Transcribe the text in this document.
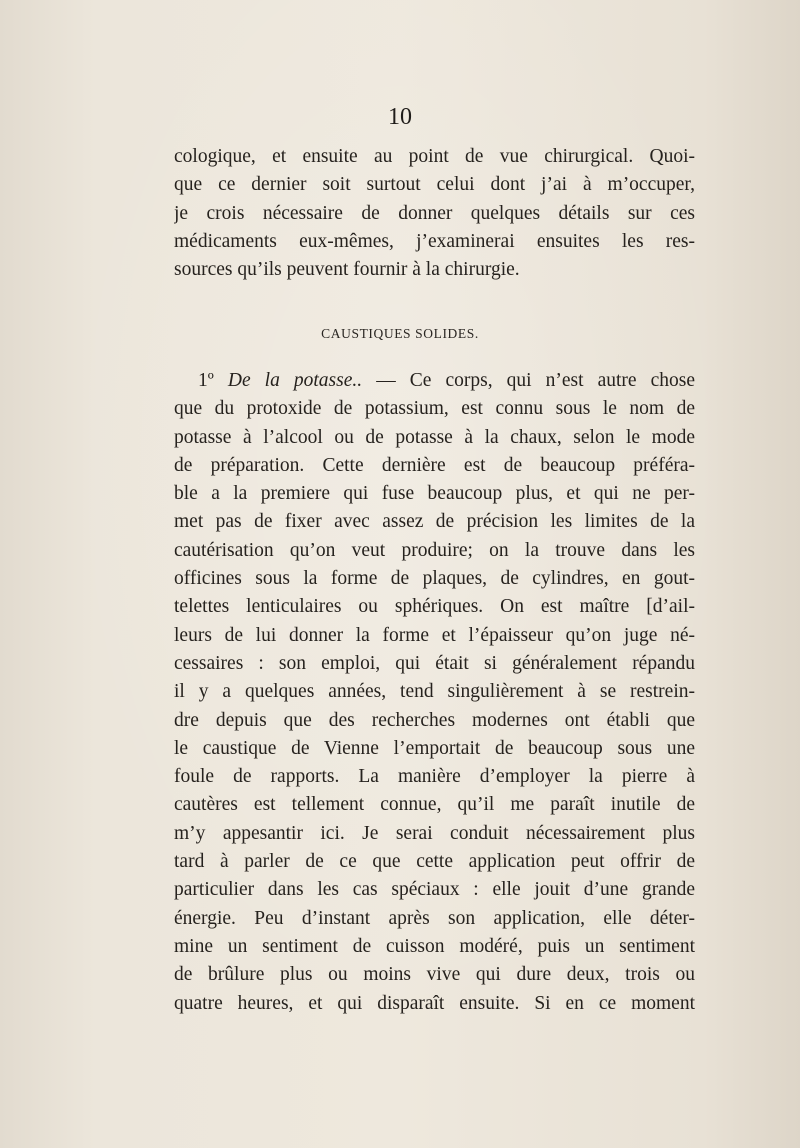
10
cologique, et ensuite au point de vue chirurgical. Quoi-
que ce dernier soit surtout celui dont j’ai à m’occuper,
je crois nécessaire de donner quelques détails sur ces
médicaments eux-mêmes, j’examinerai ensuites les res-
sources qu’ils peuvent fournir à la chirurgie.
CAUSTIQUES SOLIDES.
1º De la potasse.. — Ce corps, qui n’est autre chose
que du protoxide de potassium, est connu sous le nom de
potasse à l’alcool ou de potasse à la chaux, selon le mode
de préparation. Cette dernière est de beaucoup préféra-
ble a la premiere qui fuse beaucoup plus, et qui ne per-
met pas de fixer avec assez de précision les limites de la
cautérisation qu’on veut produire; on la trouve dans les
officines sous la forme de plaques, de cylindres, en gout-
telettes lenticulaires ou sphériques. On est maître [d’ail-
leurs de lui donner la forme et l’épaisseur qu’on juge né-
cessaires : son emploi, qui était si généralement répandu
il y a quelques années, tend singulièrement à se restrein-
dre depuis que des recherches modernes ont établi que
le caustique de Vienne l’emportait de beaucoup sous une
foule de rapports. La manière d’employer la pierre à
cautères est tellement connue, qu’il me paraît inutile de
m’y appesantir ici. Je serai conduit nécessairement plus
tard à parler de ce que cette application peut offrir de
particulier dans les cas spéciaux : elle jouit d’une grande
énergie. Peu d’instant après son application, elle déter-
mine un sentiment de cuisson modéré, puis un sentiment
de brûlure plus ou moins vive qui dure deux, trois ou
quatre heures, et qui disparaît ensuite. Si en ce moment
